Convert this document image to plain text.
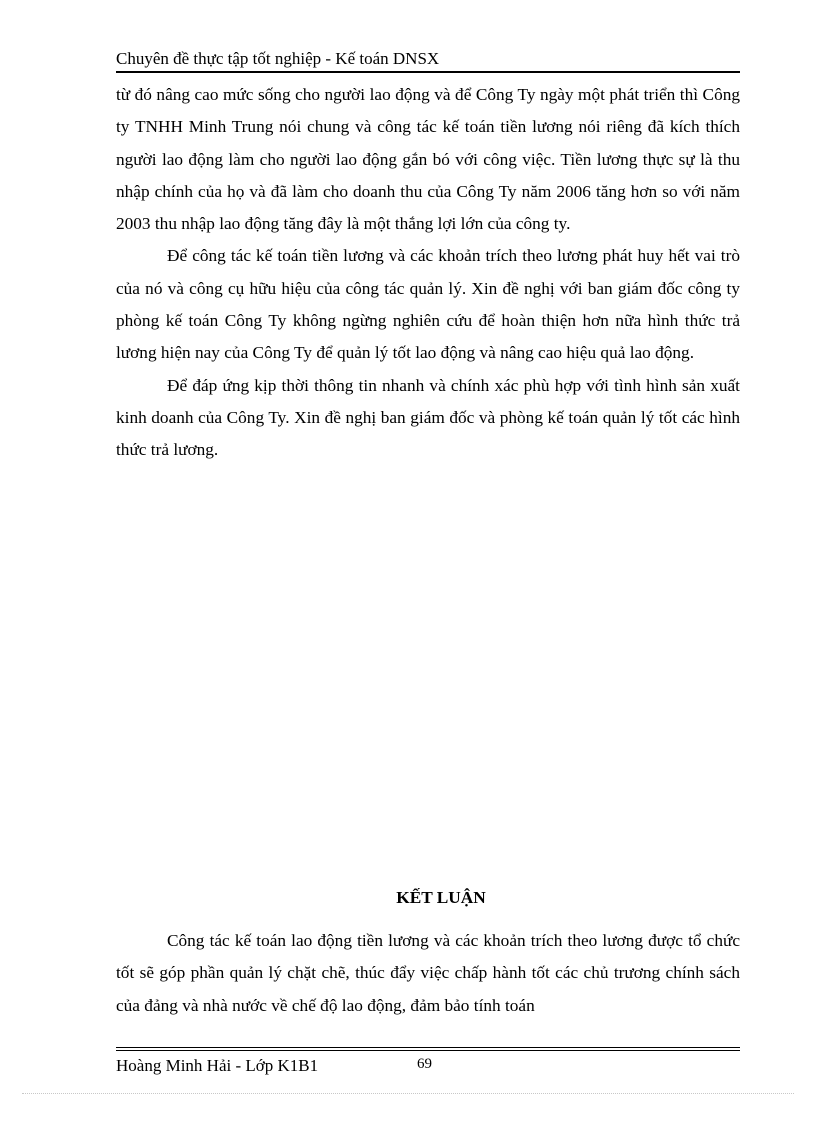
Chuyên đề thực tập tốt nghiệp - Kế toán DNSX

từ đó nâng cao mức sống cho người lao động và để Công Ty ngày một phát triển thì Công ty TNHH Minh Trung nói chung và công tác kế toán tiền lương nói riêng đã kích thích người lao động làm cho người lao động gắn bó với công việc. Tiền lương thực sự là thu nhập chính của họ và đã làm cho doanh thu của Công Ty năm 2006 tăng hơn so với năm 2003 thu nhập lao động tăng đây là một thắng lợi lớn của công ty.

Để công tác kế toán tiền lương và các khoản trích theo lương phát huy hết vai trò của nó và công cụ hữu hiệu của công tác quản lý. Xin đề nghị với ban giám đốc công ty phòng kế toán Công Ty không ngừng nghiên cứu để hoàn thiện hơn nữa hình thức trả lương hiện nay của Công Ty để quản lý tốt lao động và nâng cao hiệu quả lao động.

Để đáp ứng kịp thời thông tin nhanh và chính xác phù hợp với tình hình sản xuất kinh doanh của Công Ty. Xin đề nghị ban giám đốc và phòng kế toán quản lý tốt các hình thức trả lương.

KẾT LUẬN

Công tác kế toán lao động tiền lương và các khoản trích theo lương được tổ chức tốt sẽ góp phần quản lý chặt chẽ, thúc đẩy việc chấp hành tốt các chủ trương chính sách của đảng và nhà nước về chế độ lao động, đảm bảo tính toán

Hoàng Minh Hải - Lớp K1B1	69
